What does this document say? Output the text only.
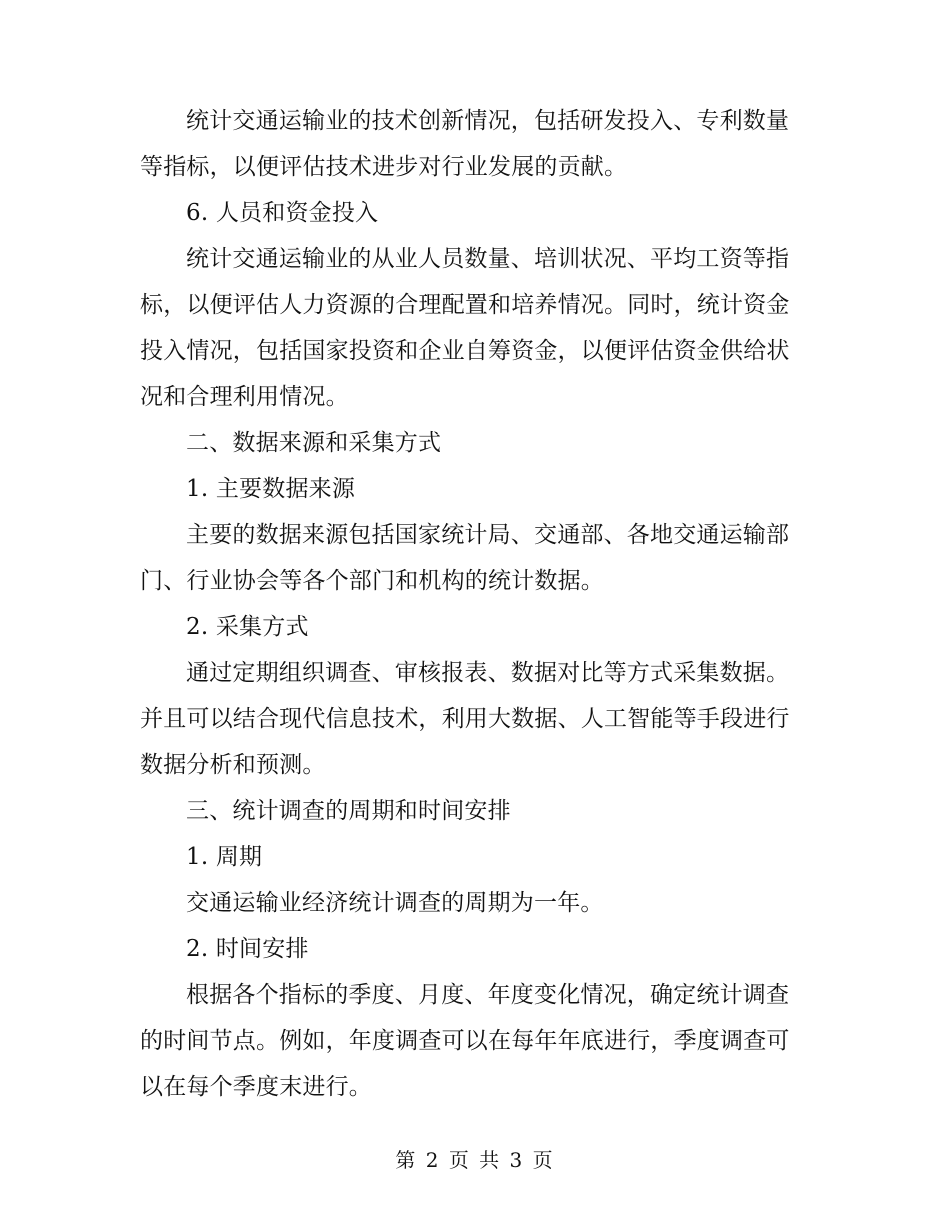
统计交通运输业的技术创新情况，包括研发投入、专利数量
等指标，以便评估技术进步对行业发展的贡献。
6. 人员和资金投入
统计交通运输业的从业人员数量、培训状况、平均工资等指
标，以便评估人力资源的合理配置和培养情况。同时，统计资金
投入情况，包括国家投资和企业自筹资金，以便评估资金供给状
况和合理利用情况。
二、数据来源和采集方式
1. 主要数据来源
主要的数据来源包括国家统计局、交通部、各地交通运输部
门、行业协会等各个部门和机构的统计数据。
2. 采集方式
通过定期组织调查、审核报表、数据对比等方式采集数据。
并且可以结合现代信息技术，利用大数据、人工智能等手段进行
数据分析和预测。
三、统计调查的周期和时间安排
1. 周期
交通运输业经济统计调查的周期为一年。
2. 时间安排
根据各个指标的季度、月度、年度变化情况，确定统计调查
的时间节点。例如，年度调查可以在每年年底进行，季度调查可
以在每个季度末进行。
第 2 页 共 3 页
